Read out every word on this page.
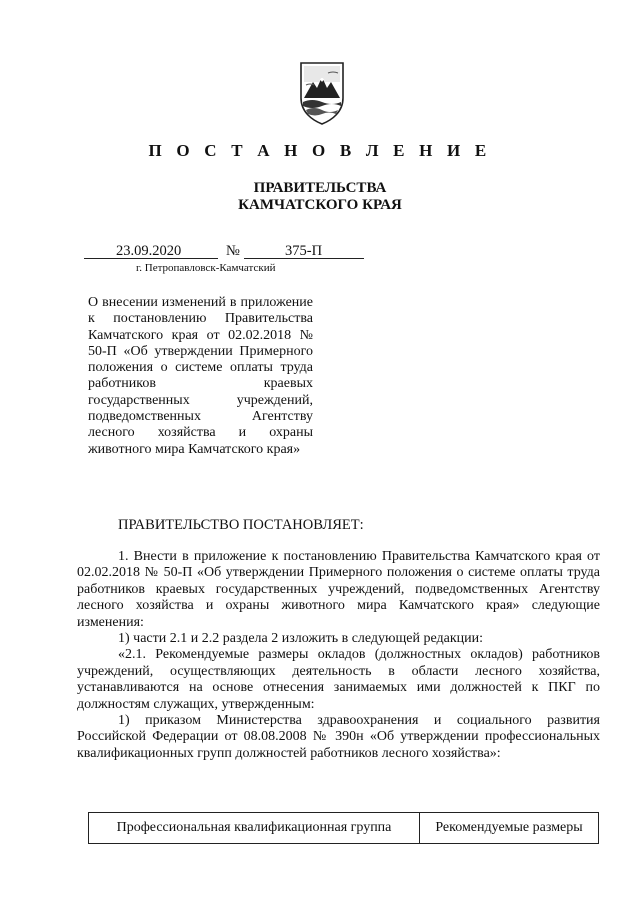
П О С Т А Н О В Л Е Н И Е
ПРАВИТЕЛЬСТВА
КАМЧАТСКОГО КРАЯ
23.09.2020	№	375-П
г. Петропавловск-Камчатский
О внесении изменений в приложение к постановлению Правительства Камчатского края от 02.02.2018 № 50-П «Об утверждении Примерного положения о системе оплаты труда работников краевых государственных учреждений, подведомственных Агентству лесного хозяйства и охраны животного мира Камчатского края»
ПРАВИТЕЛЬСТВО ПОСТАНОВЛЯЕТ:

1. Внести в приложение к постановлению Правительства Камчатского края от 02.02.2018 № 50-П «Об утверждении Примерного положения о системе оплаты труда работников краевых государственных учреждений, подведомственных Агентству лесного хозяйства и охраны животного мира Камчатского края» следующие изменения:

1) части 2.1 и 2.2 раздела 2 изложить в следующей редакции:

«2.1. Рекомендуемые размеры окладов (должностных окладов) работников учреждений, осуществляющих деятельность в области лесного хозяйства, устанавливаются на основе отнесения занимаемых ими должностей к ПКГ по должностям служащих, утвержденным:

1) приказом Министерства здравоохранения и социального развития Российской Федерации от 08.08.2008 № 390н «Об утверждении профессиональных квалификационных групп должностей работников лесного хозяйства»:

Профессиональная квалификационная группа	Рекомендуемые размеры
